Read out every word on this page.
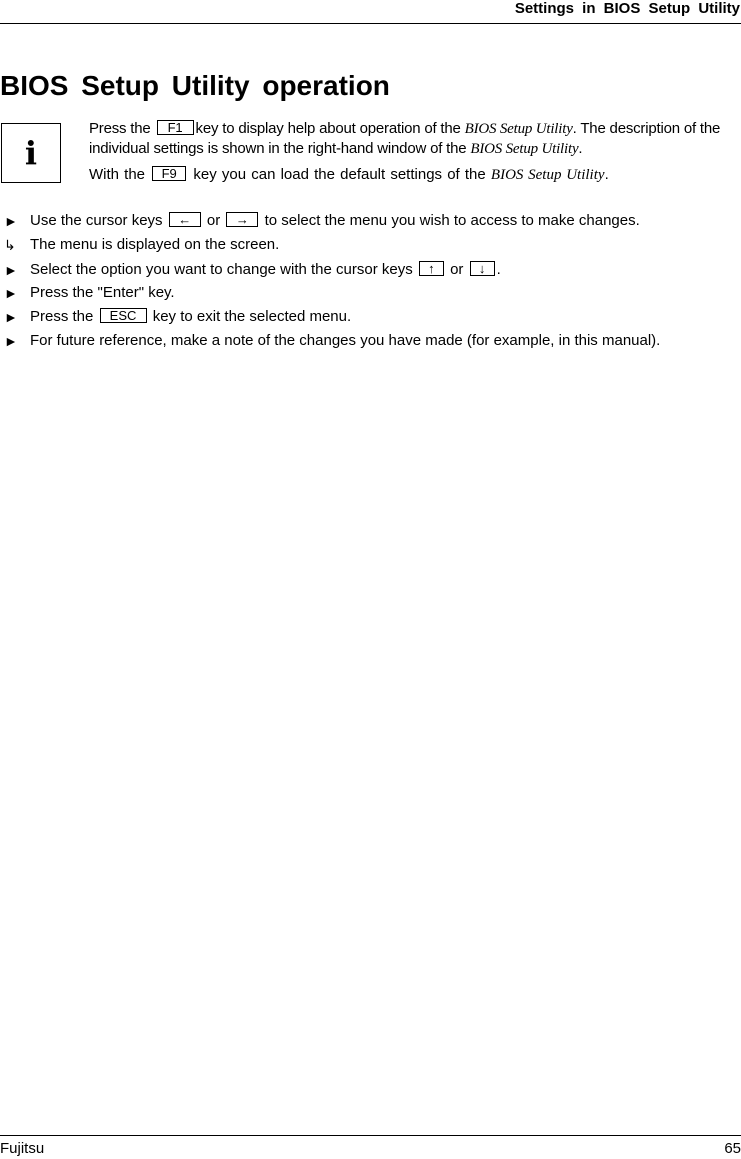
Settings in BIOS Setup Utility
BIOS Setup Utility operation
i
Press the F1 key to display help about operation of the BIOS Setup Utility. The description of the individual settings is shown in the right-hand window of the BIOS Setup Utility.
With the F9 key you can load the default settings of the BIOS Setup Utility.
► Use the cursor keys ← or → to select the menu you wish to access to make changes.
↳ The menu is displayed on the screen.
► Select the option you want to change with the cursor keys ↑ or ↓ .
► Press the "Enter" key.
► Press the ESC key to exit the selected menu.
► For future reference, make a note of the changes you have made (for example, in this manual).
Fujitsu	65
